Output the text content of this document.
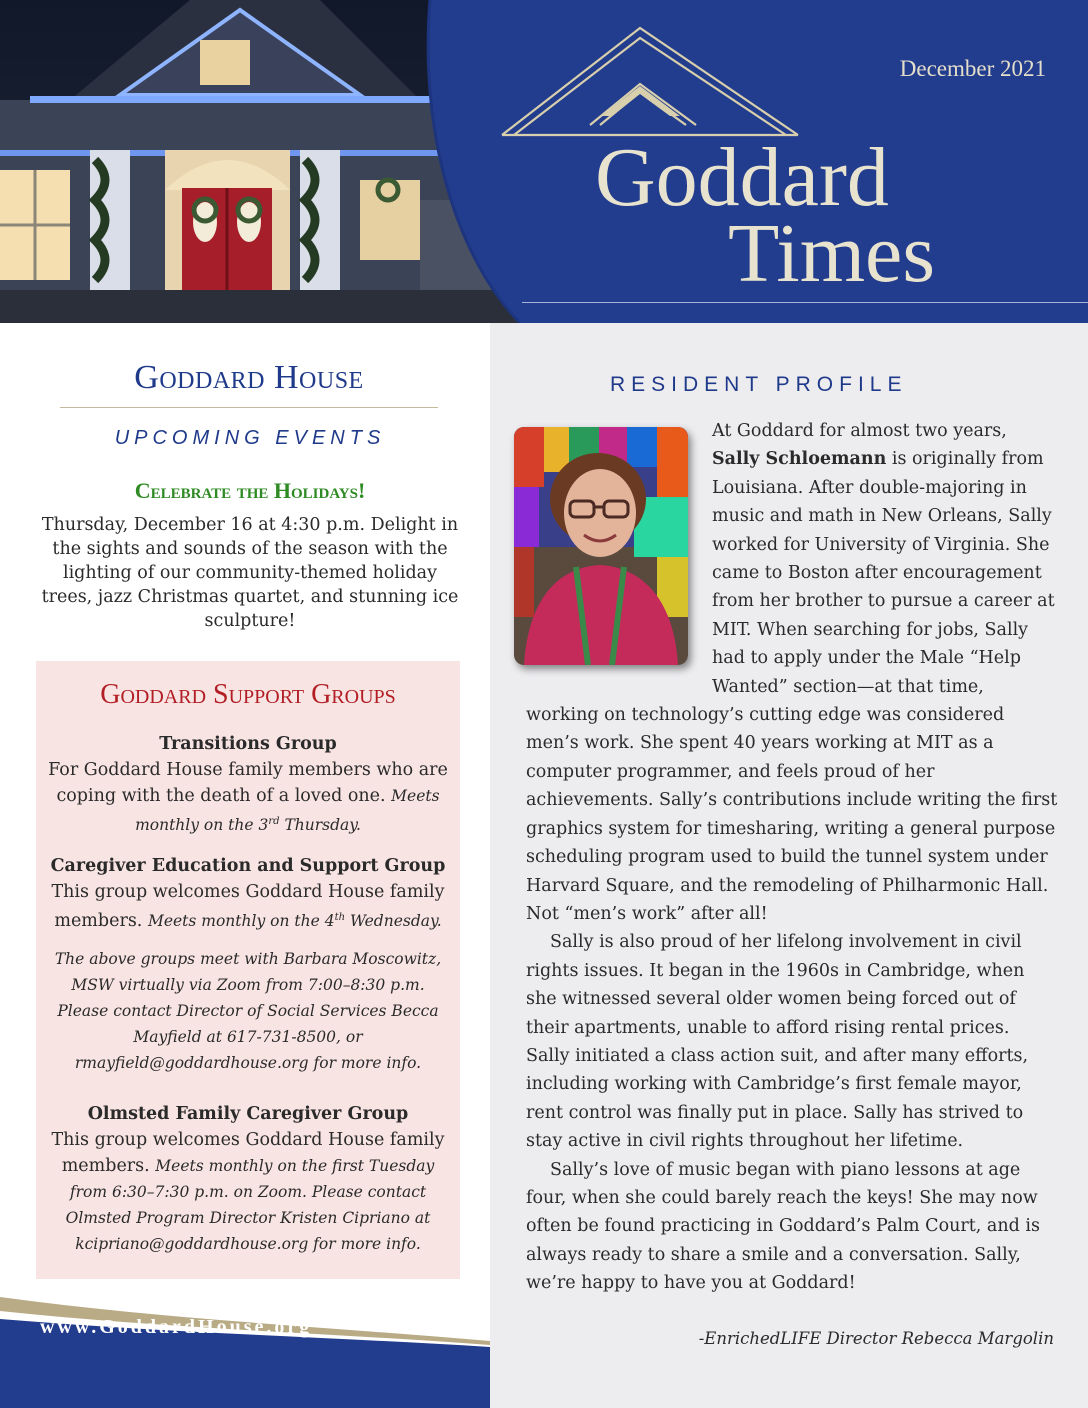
December 2021
Goddard
Times
Goddard House
UPCOMING EVENTS
Celebrate the Holidays!
Thursday, December 16 at 4:30 p.m. Delight in the sights and sounds of the season with the lighting of our community-themed holiday trees, jazz Christmas quartet, and stunning ice sculpture!
Goddard Support Groups
Transitions Group
For Goddard House family members who are coping with the death of a loved one. Meets monthly on the 3rd Thursday.
Caregiver Education and Support Group
This group welcomes Goddard House family members. Meets monthly on the 4th Wednesday.
The above groups meet with Barbara Moscowitz, MSW virtually via Zoom from 7:00–8:30 p.m. Please contact Director of Social Services Becca Mayfield at 617-731-8500, or rmayfield@goddardhouse.org for more info.
Olmsted Family Caregiver Group
This group welcomes Goddard House family members. Meets monthly on the first Tuesday from 6:30–7:30 p.m. on Zoom. Please contact Olmsted Program Director Kristen Cipriano at kcipriano@goddardhouse.org for more info.
www.GoddardHouse.org
RESIDENT PROFILE

At Goddard for almost two years, Sally Schloemann is originally from Louisiana. After double-majoring in music and math in New Orleans, Sally worked for University of Virginia. She came to Boston after encouragement from her brother to pursue a career at MIT. When searching for jobs, Sally had to apply under the Male “Help Wanted” section—at that time, working on technology’s cutting edge was considered men’s work. She spent 40 years working at MIT as a computer programmer, and feels proud of her achievements. Sally’s contributions include writing the first graphics system for timesharing, writing a general purpose scheduling program used to build the tunnel system under Harvard Square, and the remodeling of Philharmonic Hall. Not “men’s work” after all!

Sally is also proud of her lifelong involvement in civil rights issues. It began in the 1960s in Cambridge, when she witnessed several older women being forced out of their apartments, unable to afford rising rental prices. Sally initiated a class action suit, and after many efforts, including working with Cambridge’s first female mayor, rent control was finally put in place. Sally has strived to stay active in civil rights throughout her lifetime.

Sally’s love of music began with piano lessons at age four, when she could barely reach the keys! She may now often be found practicing in Goddard’s Palm Court, and is always ready to share a smile and a conversation. Sally, we’re happy to have you at Goddard!

-EnrichedLIFE Director Rebecca Margolin
